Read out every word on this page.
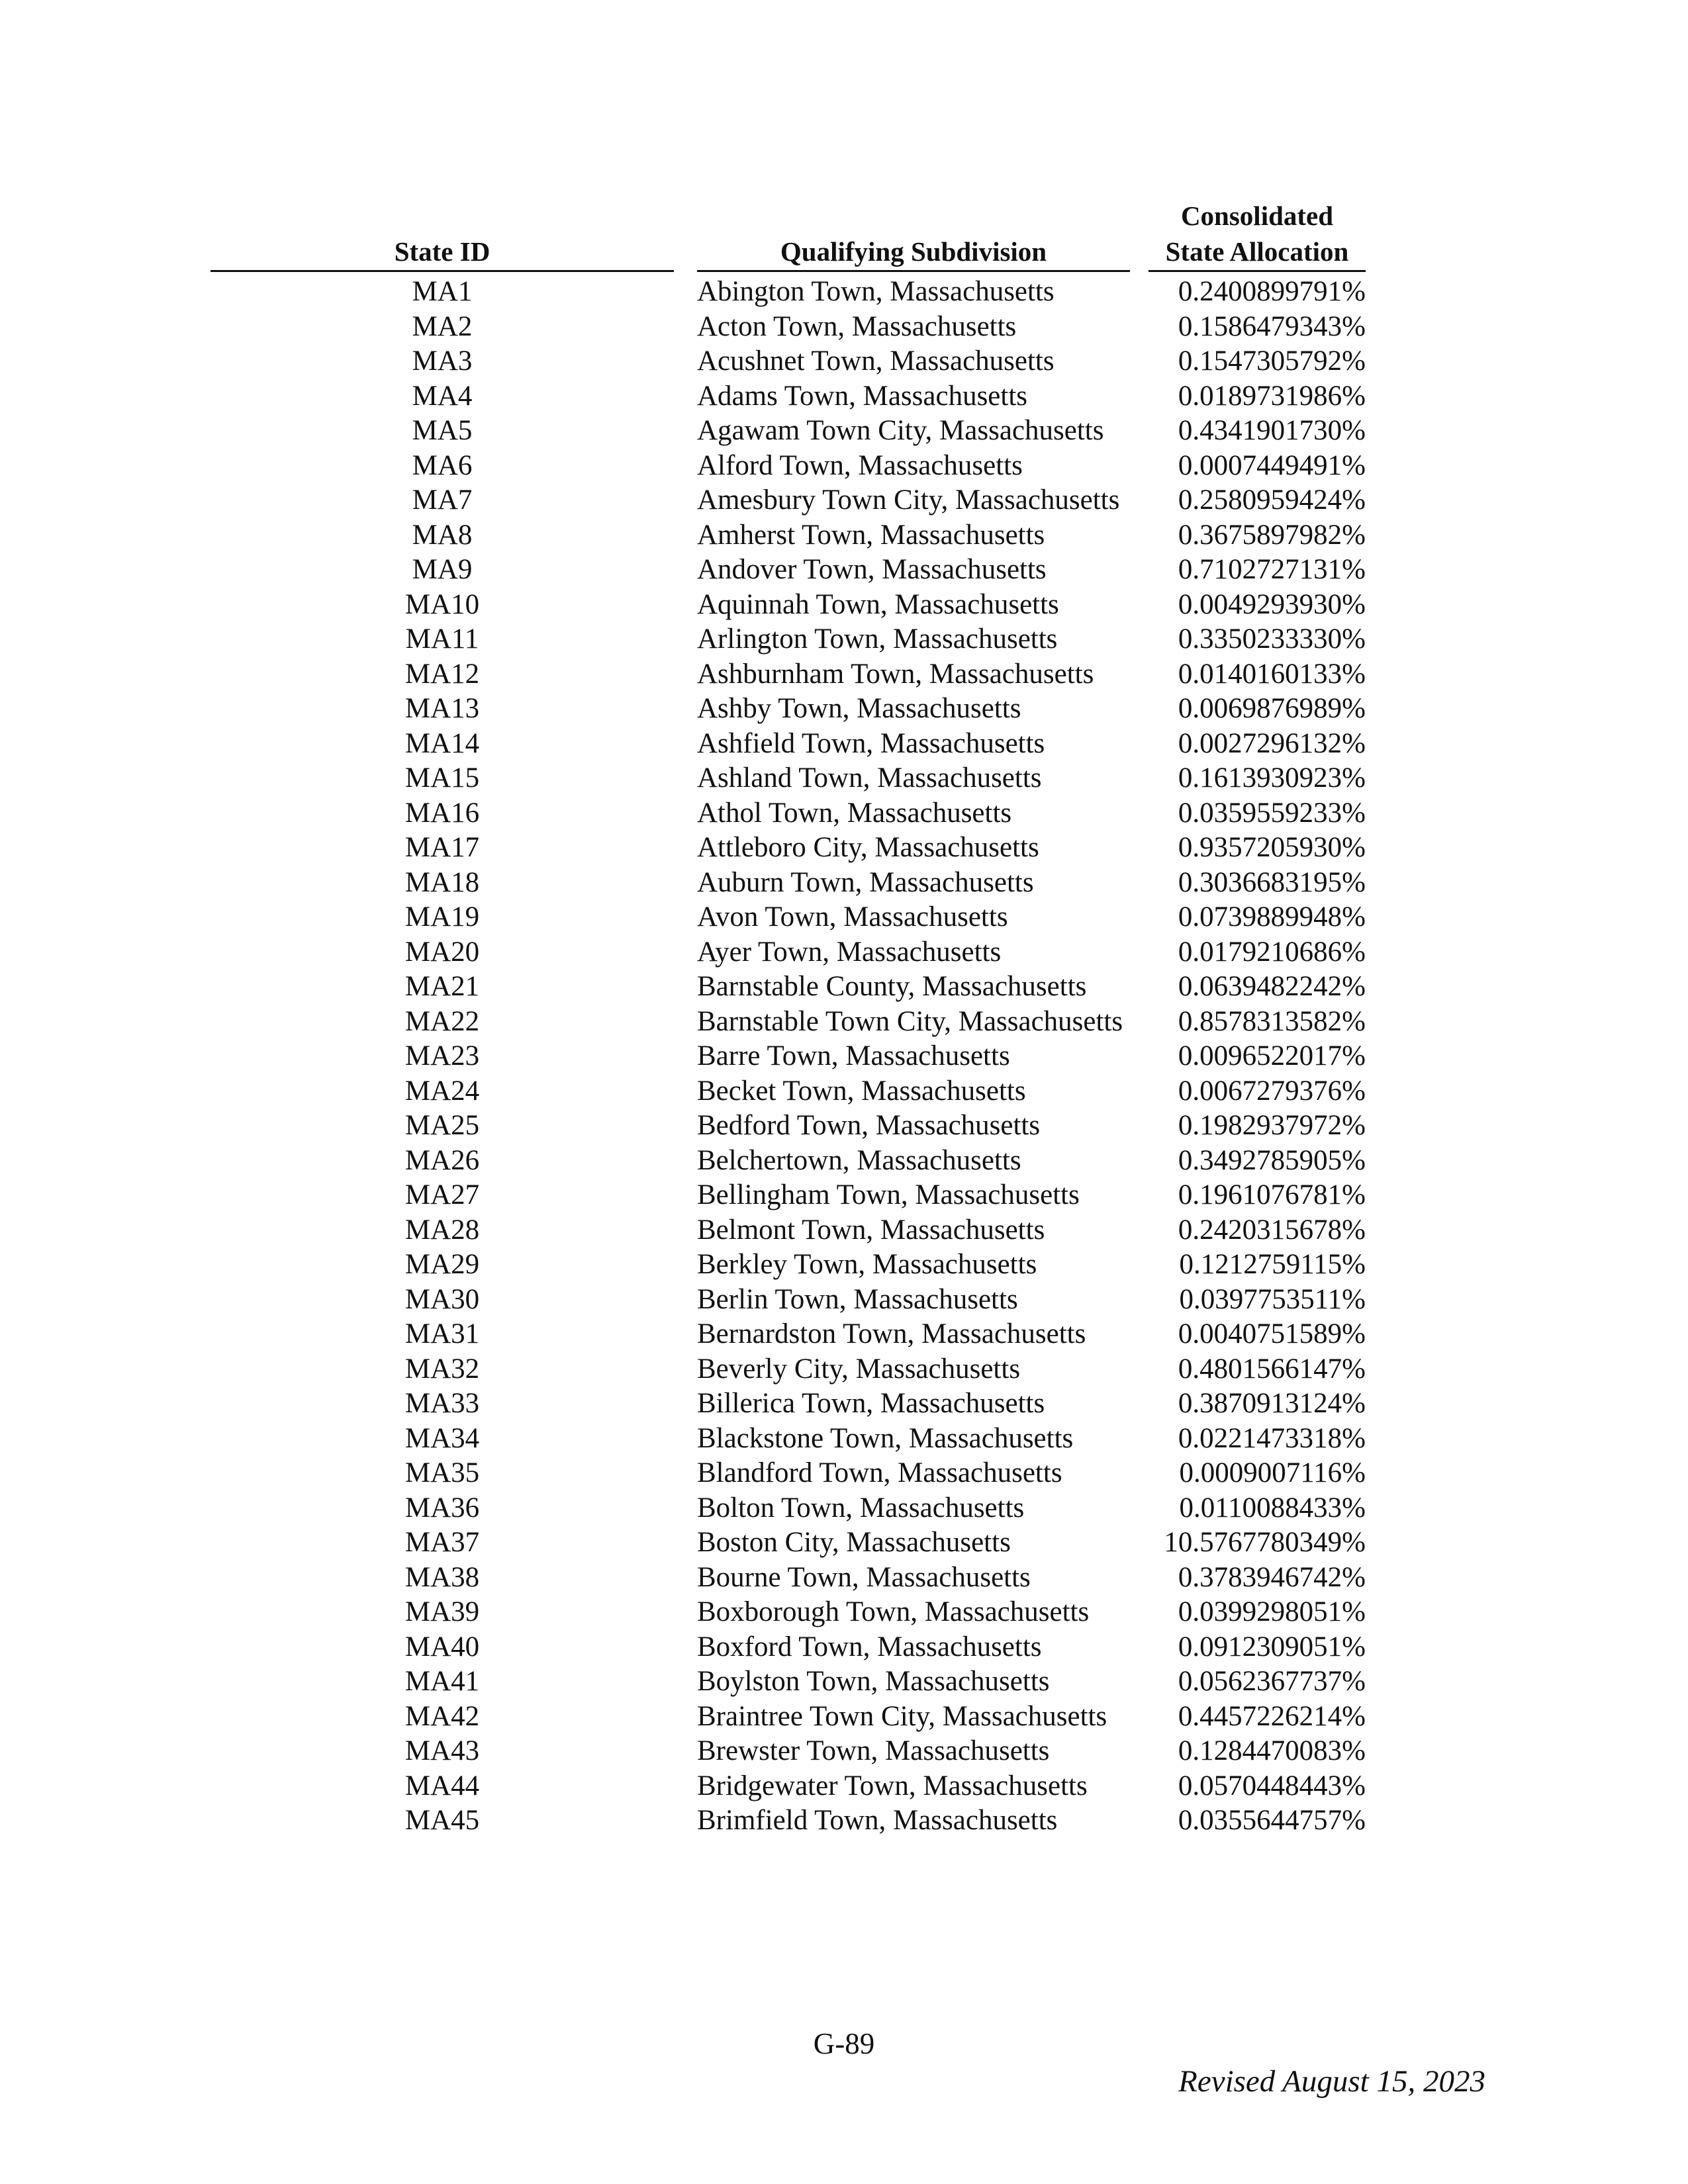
State ID	Qualifying Subdivision
Consolidated
State Allocation
MA1	Abington Town, Massachusetts	0.2400899791%
MA2	Acton Town, Massachusetts	0.1586479343%
MA3	Acushnet Town, Massachusetts	0.1547305792%
MA4	Adams Town, Massachusetts	0.0189731986%
MA5	Agawam Town City, Massachusetts	0.4341901730%
MA6	Alford Town, Massachusetts	0.0007449491%
MA7	Amesbury Town City, Massachusetts	0.2580959424%
MA8	Amherst Town, Massachusetts	0.3675897982%
MA9	Andover Town, Massachusetts	0.7102727131%
MA10	Aquinnah Town, Massachusetts	0.0049293930%
MA11	Arlington Town, Massachusetts	0.3350233330%
MA12	Ashburnham Town, Massachusetts	0.0140160133%
MA13	Ashby Town, Massachusetts	0.0069876989%
MA14	Ashfield Town, Massachusetts	0.0027296132%
MA15	Ashland Town, Massachusetts	0.1613930923%
MA16	Athol Town, Massachusetts	0.0359559233%
MA17	Attleboro City, Massachusetts	0.9357205930%
MA18	Auburn Town, Massachusetts	0.3036683195%
MA19	Avon Town, Massachusetts	0.0739889948%
MA20	Ayer Town, Massachusetts	0.0179210686%
MA21	Barnstable County, Massachusetts	0.0639482242%
MA22	Barnstable Town City, Massachusetts	0.8578313582%
MA23	Barre Town, Massachusetts	0.0096522017%
MA24	Becket Town, Massachusetts	0.0067279376%
MA25	Bedford Town, Massachusetts	0.1982937972%
MA26	Belchertown, Massachusetts	0.3492785905%
MA27	Bellingham Town, Massachusetts	0.1961076781%
MA28	Belmont Town, Massachusetts	0.2420315678%
MA29	Berkley Town, Massachusetts	0.1212759115%
MA30	Berlin Town, Massachusetts	0.0397753511%
MA31	Bernardston Town, Massachusetts	0.0040751589%
MA32	Beverly City, Massachusetts	0.4801566147%
MA33	Billerica Town, Massachusetts	0.3870913124%
MA34	Blackstone Town, Massachusetts	0.0221473318%
MA35	Blandford Town, Massachusetts	0.0009007116%
MA36	Bolton Town, Massachusetts	0.0110088433%
MA37	Boston City, Massachusetts	10.5767780349%
MA38	Bourne Town, Massachusetts	0.3783946742%
MA39	Boxborough Town, Massachusetts	0.0399298051%
MA40	Boxford Town, Massachusetts	0.0912309051%
MA41	Boylston Town, Massachusetts	0.0562367737%
MA42	Braintree Town City, Massachusetts	0.4457226214%
MA43	Brewster Town, Massachusetts	0.1284470083%
MA44	Bridgewater Town, Massachusetts	0.0570448443%
MA45	Brimfield Town, Massachusetts	0.0355644757%
G-89
Revised August 15, 2023
